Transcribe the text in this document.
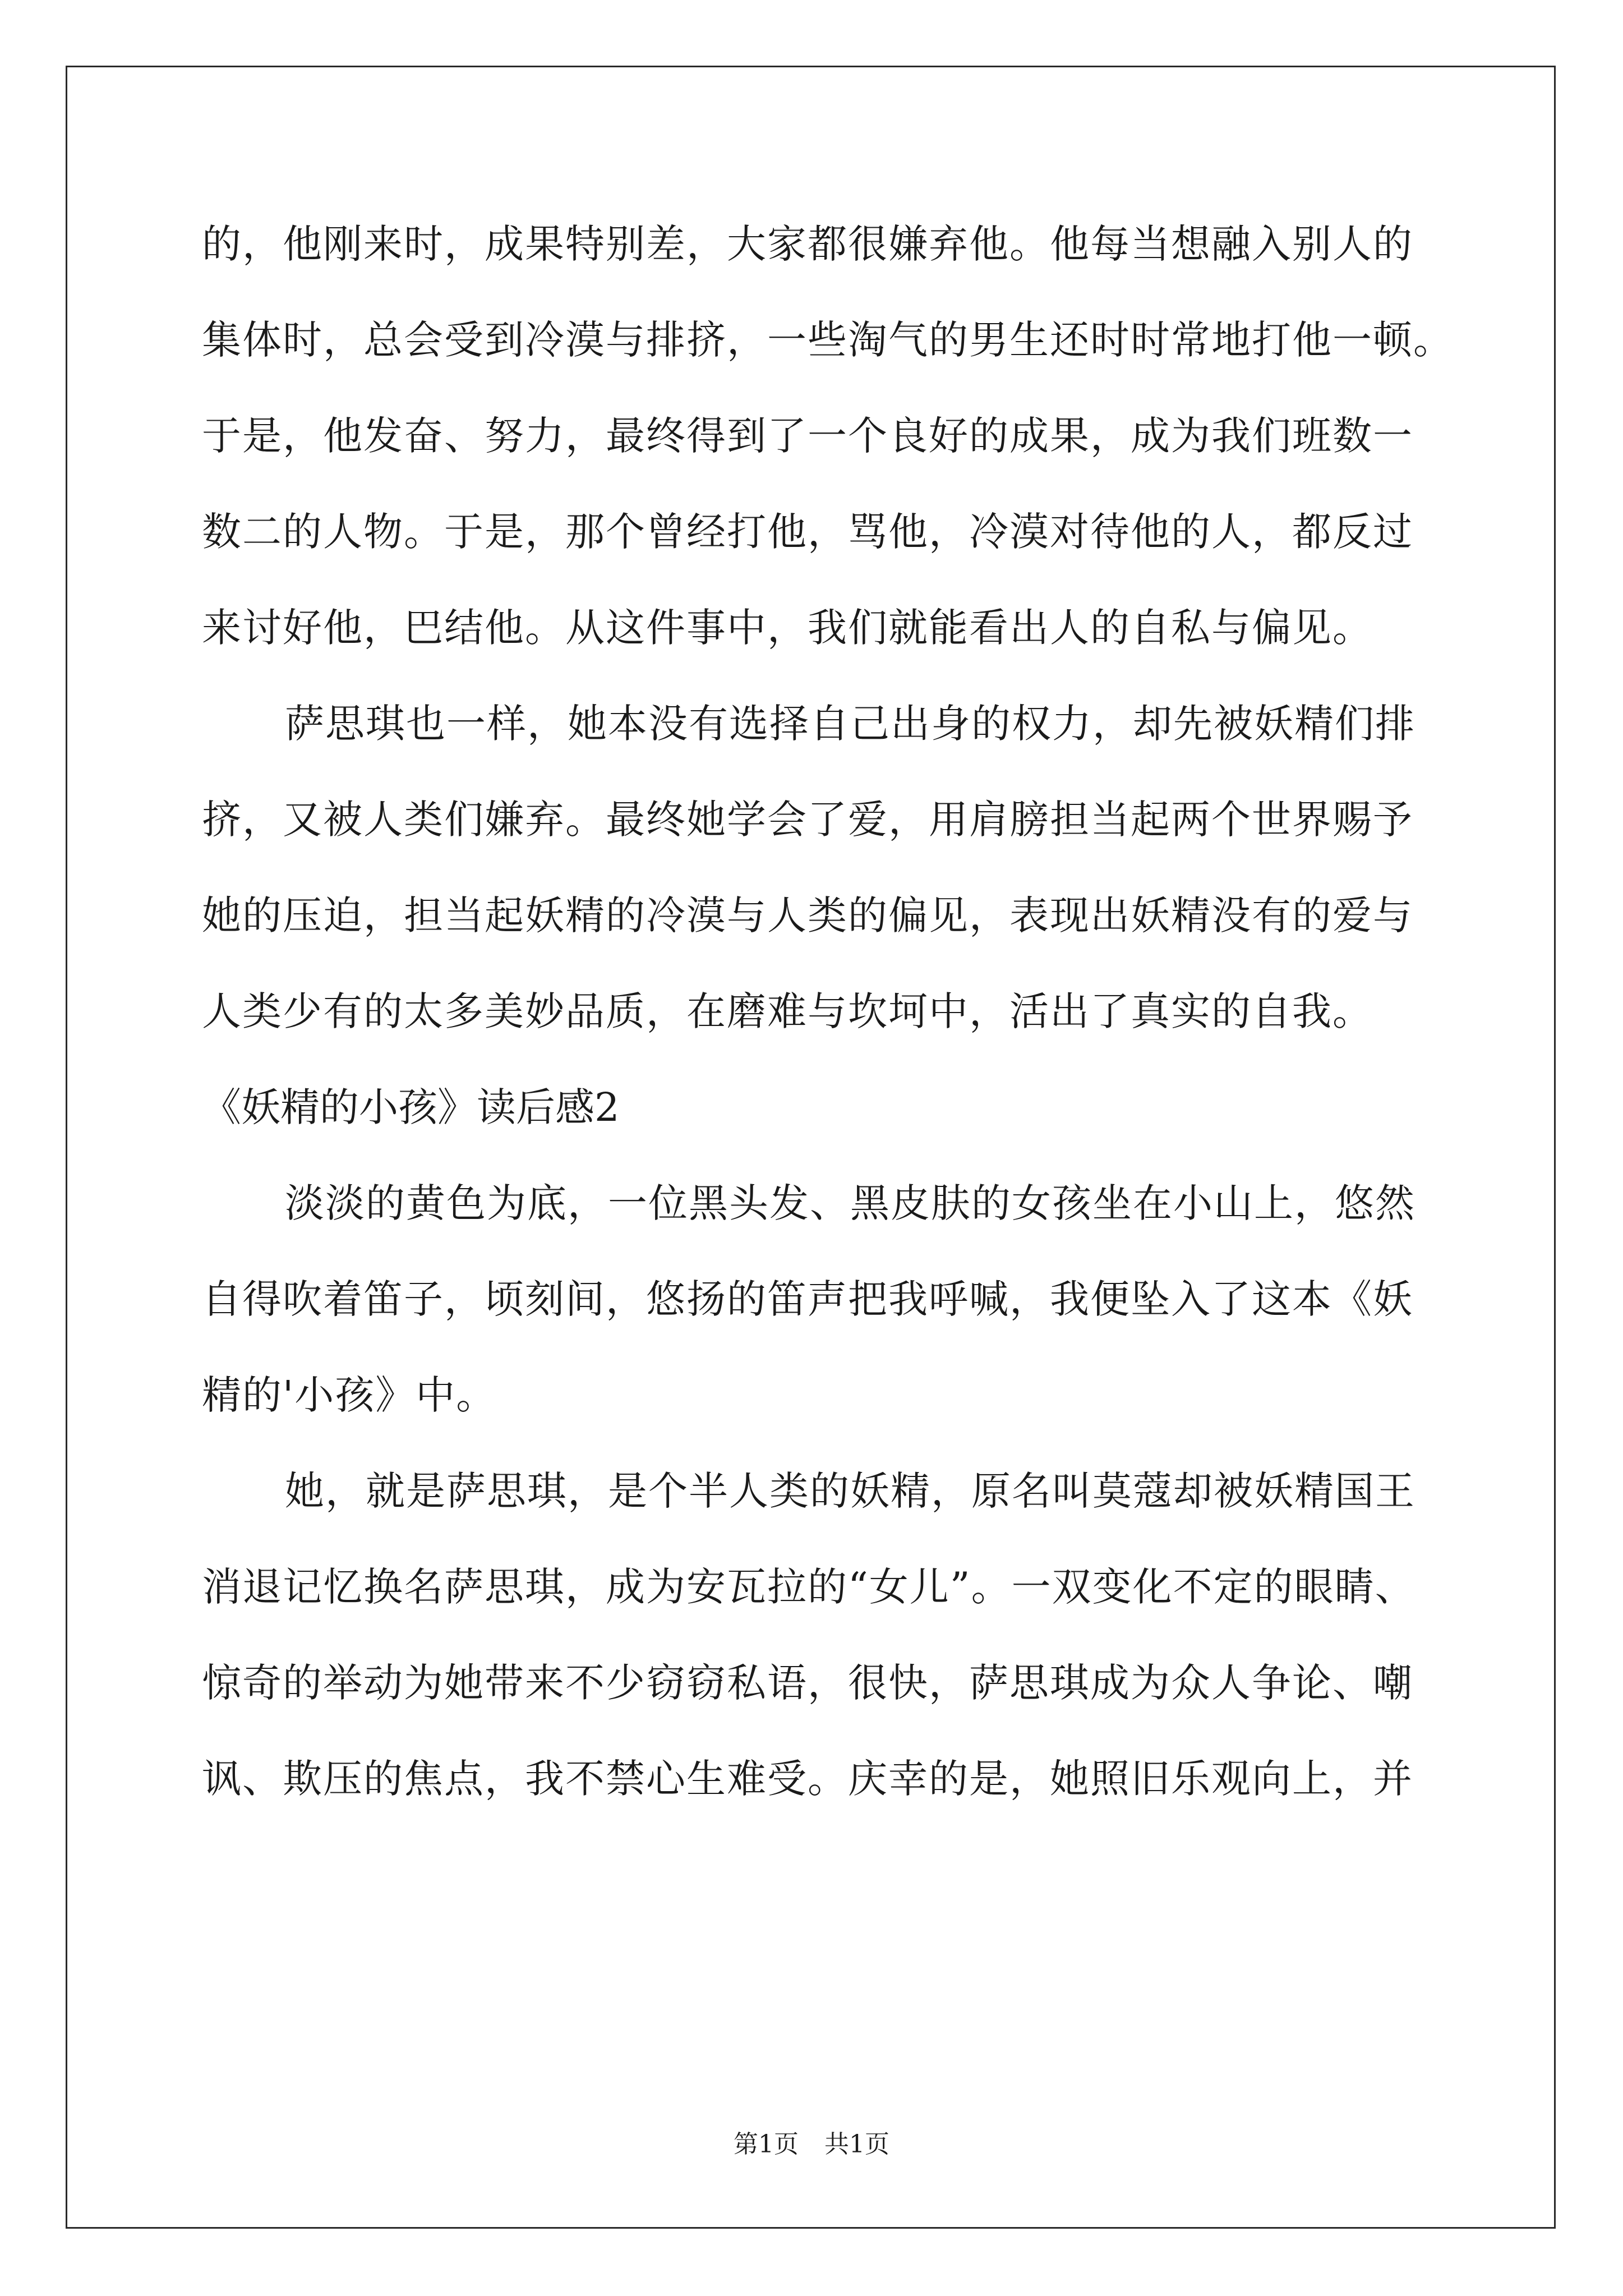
的，他刚来时，成果特别差，大家都很嫌弃他。他每当想融入别人的
集体时，总会受到冷漠与排挤，一些淘气的男生还时时常地打他一顿。
于是，他发奋、努力，最终得到了一个良好的成果，成为我们班数一
数二的人物。于是，那个曾经打他，骂他，冷漠对待他的人，都反过
来讨好他，巴结他。从这件事中，我们就能看出人的自私与偏见。
萨思琪也一样，她本没有选择自己出身的权力，却先被妖精们排
挤，又被人类们嫌弃。最终她学会了爱，用肩膀担当起两个世界赐予
她的压迫，担当起妖精的冷漠与人类的偏见，表现出妖精没有的爱与
人类少有的太多美妙品质，在磨难与坎坷中，活出了真实的自我。
《妖精的小孩》读后感2
淡淡的黄色为底，一位黑头发、黑皮肤的女孩坐在小山上，悠然
自得吹着笛子，顷刻间，悠扬的笛声把我呼喊，我便坠入了这本《妖
精的'小孩》中。
她，就是萨思琪，是个半人类的妖精，原名叫莫蔻却被妖精国王
消退记忆换名萨思琪，成为安瓦拉的“女儿”。一双变化不定的眼睛、
惊奇的举动为她带来不少窃窃私语，很快，萨思琪成为众人争论、嘲
讽、欺压的焦点，我不禁心生难受。庆幸的是，她照旧乐观向上，并
第1页 共1页
